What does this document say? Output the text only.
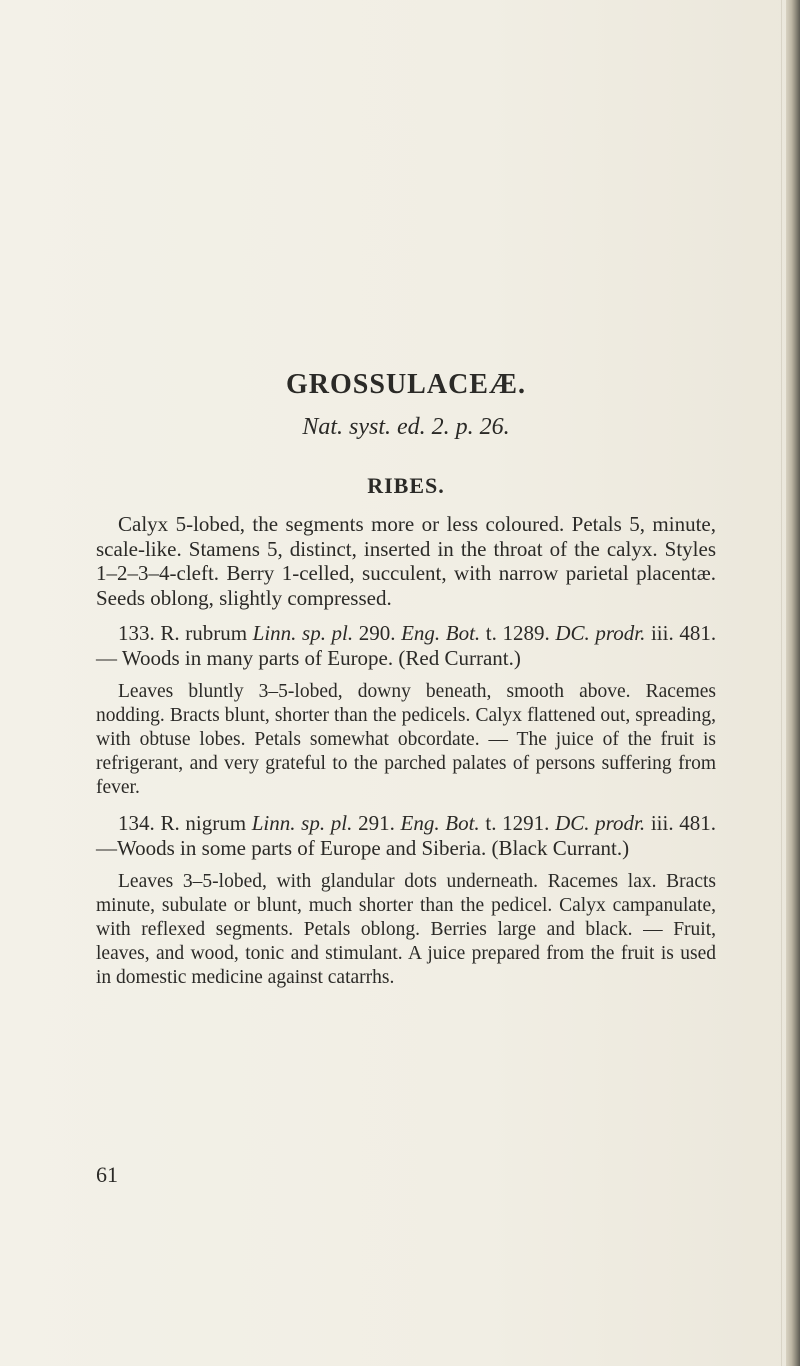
GROSSULACEÆ.

Nat. syst. ed. 2. p. 26.

RIBES.

Calyx 5-lobed, the segments more or less coloured. Petals 5, minute, scale-like. Stamens 5, distinct, inserted in the throat of the calyx. Styles 1–2–3–4-cleft. Berry 1-celled, succulent, with narrow parietal placentæ. Seeds oblong, slightly compressed.

133. R. rubrum Linn. sp. pl. 290. Eng. Bot. t. 1289. DC. prodr. iii. 481. — Woods in many parts of Europe. (Red Currant.)

Leaves bluntly 3–5-lobed, downy beneath, smooth above. Racemes nodding. Bracts blunt, shorter than the pedicels. Calyx flattened out, spreading, with obtuse lobes. Petals somewhat obcordate. — The juice of the fruit is refrigerant, and very grateful to the parched palates of persons suffering from fever.

134. R. nigrum Linn. sp. pl. 291. Eng. Bot. t. 1291. DC. prodr. iii. 481. —Woods in some parts of Europe and Siberia. (Black Currant.)

Leaves 3–5-lobed, with glandular dots underneath. Racemes lax. Bracts minute, subulate or blunt, much shorter than the pedicel. Calyx campanulate, with reflexed segments. Petals oblong. Berries large and black. — Fruit, leaves, and wood, tonic and stimulant. A juice prepared from the fruit is used in domestic medicine against catarrhs.

61
